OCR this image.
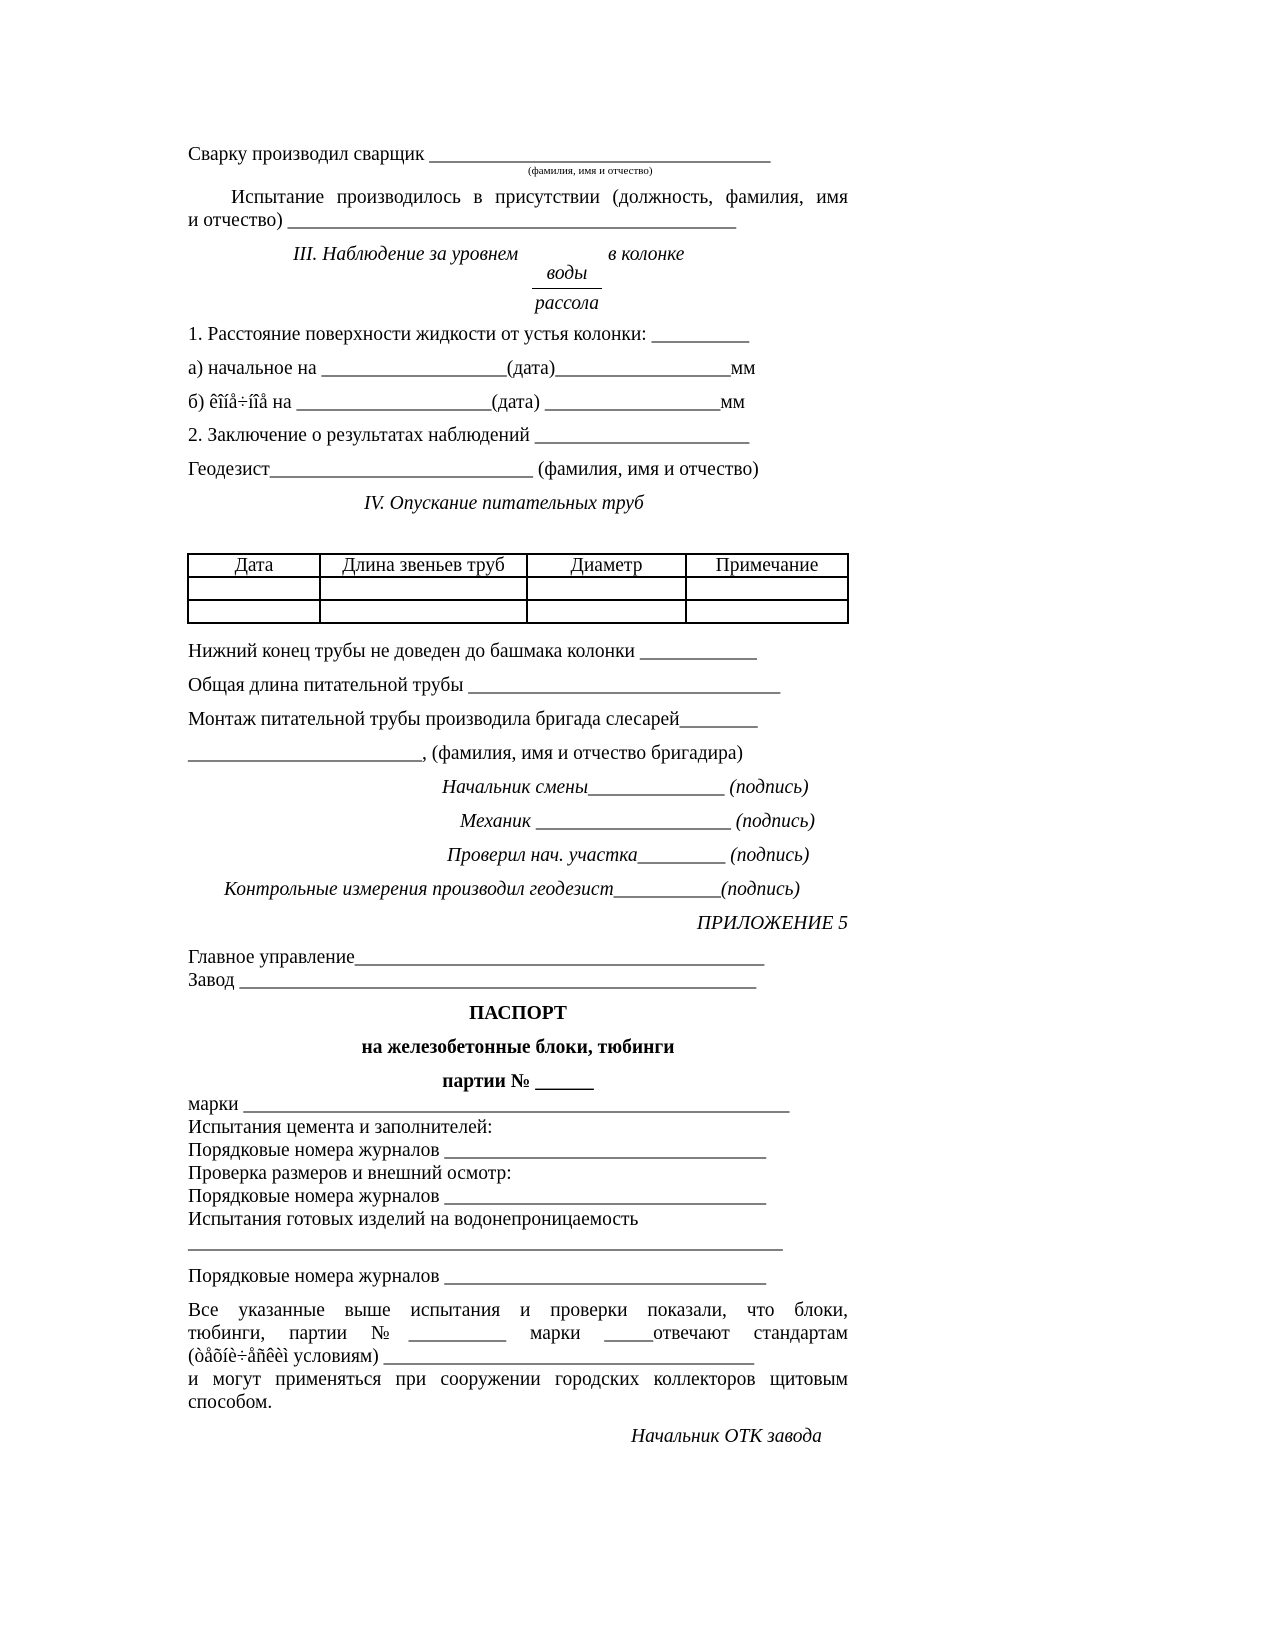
Сварку производил сварщик ___________________________________
(фамилия, имя и отчество)
Испытание производилось в присутствии (должность, фамилия, имя
и отчество) ______________________________________________
III. Наблюдение за уровнем
воды
рассола
в колонке
1. Расстояние поверхности жидкости от устья колонки: __________
а) начальное на ___________________(дата)__________________мм
б) êîíå÷íîå на ____________________(дата) __________________мм
2. Заключение о результатах наблюдений ______________________
Геодезист___________________________ (фамилия, имя и отчество)
IV. Опускание питательных труб
Дата	Длина звеньев труб	Диаметр	Примечание

Нижний конец трубы не доведен до башмака колонки ____________
Общая длина питательной трубы ________________________________
Монтаж питательной трубы производила бригада слесарей________
________________________, (фамилия, имя и отчество бригадира)
Начальник смены______________ (подпись)
Механик ____________________ (подпись)
Проверил нач. участка_________ (подпись)
Контрольные измерения производил геодезист___________(подпись)
ПРИЛОЖЕНИЕ 5
Главное управление__________________________________________
Завод _____________________________________________________
ПАСПОРТ
на железобетонные блоки, тюбинги
партии № ______
марки ________________________________________________________
Испытания цемента и заполнителей:
Порядковые номера журналов _________________________________
Проверка размеров и внешний осмотр:
Порядковые номера журналов _________________________________
Испытания готовых изделий на водонепроницаемость
_____________________________________________________________
Порядковые номера журналов _________________________________
Все указанные выше испытания и проверки показали, что блоки,
тюбинги, партии №__________ марки _____отвечают стандартам
(òåõíè÷åñêèì условиям) ______________________________________
и могут применяться при сооружении городских коллекторов щитовым
способом.
Начальник ОТК завода
